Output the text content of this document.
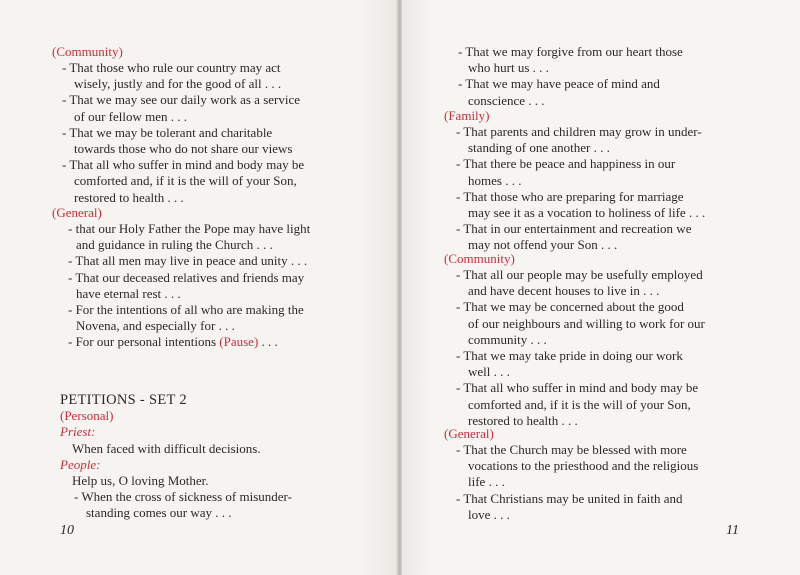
(Community)
- That those who rule our country may act
wisely, justly and for the good of all . . .
- That we may see our daily work as a service
of our fellow men . . .
- That we may be tolerant and charitable
towards those who do not share our views
- That all who suffer in mind and body may be
comforted and, if it is the will of your Son,
restored to health . . .
(General)
- that our Holy Father the Pope may have light
and guidance in ruling the Church . . .
- That all men may live in peace and unity . . .
- That our deceased relatives and friends may
have eternal rest . . .
- For the intentions of all who are making the
Novena, and especially for . . .
- For our personal intentions (Pause) . . .
PETITIONS - SET 2
(Personal)
Priest:
When faced with difficult decisions.
People:
Help us, O loving Mother.
- When the cross of sickness of misunder-
standing comes our way . . .
10
- That we may forgive from our heart those
who hurt us . . .
- That we may have peace of mind and
conscience . . .
(Family)
- That parents and children may grow in under-
standing of one another . . .
- That there be peace and happiness in our
homes . . .
- That those who are preparing for marriage
may see it as a vocation to holiness of life . . .
- That in our entertainment and recreation we
may not offend your Son . . .
(Community)
- That all our people may be usefully employed
and have decent houses to live in . . .
- That we may be concerned about the good
of our neighbours and willing to work for our
community . . .
- That we may take pride in doing our work
well . . .
- That all who suffer in mind and body may be
comforted and, if it is the will of your Son,
restored to health . . .
(General)
- That the Church may be blessed with more
vocations to the priesthood and the religious
life . . .
- That Christians may be united in faith and
love . . .
11
